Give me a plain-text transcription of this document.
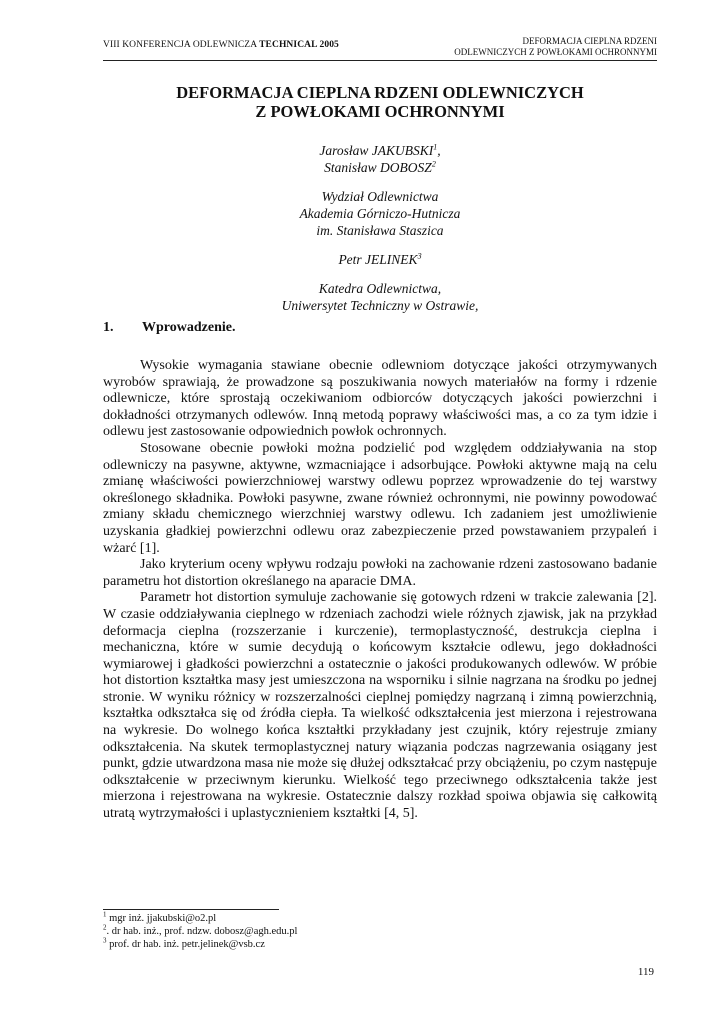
VIII KONFERENCJA ODLEWNICZA TECHNICAL 2005	DEFORMACJA CIEPLNA RDZENI
ODLEWNICZYCH Z POWŁOKAMI OCHRONNYMI
DEFORMACJA CIEPLNA RDZENI ODLEWNICZYCH
Z POWŁOKAMI OCHRONNYMI
Jarosław JAKUBSKI$^1$,
Stanisław DOBOSZ$^2$
Wydział Odlewnictwa
Akademia Górniczo-Hutnicza
im. Stanisława Staszica
Petr JELINEK$^3$
Katedra Odlewnictwa,
Uniwersytet Techniczny w Ostrawie,
1. Wprowadzenie.

Wysokie wymagania stawiane obecnie odlewniom dotyczące jakości otrzymywanych wyrobów sprawiają, że prowadzone są poszukiwania nowych materiałów na formy i rdzenie odlewnicze, które sprostają oczekiwaniom odbiorców dotyczących jakości powierzchni i dokładności otrzymanych odlewów. Inną metodą poprawy właściwości mas, a co za tym idzie i odlewu jest zastosowanie odpowiednich powłok ochronnych.

Stosowane obecnie powłoki można podzielić pod względem oddziaływania na stop odlewniczy na pasywne, aktywne, wzmacniające i adsorbujące. Powłoki aktywne mają na celu zmianę właściwości powierzchniowej warstwy odlewu poprzez wprowadzenie do tej warstwy określonego składnika. Powłoki pasywne, zwane również ochronnymi, nie powinny powodować zmiany składu chemicznego wierzchniej warstwy odlewu. Ich zadaniem jest umożliwienie uzyskania gładkiej powierzchni odlewu oraz zabezpieczenie przed powstawaniem przypaleń i wżarć [1].

Jako kryterium oceny wpływu rodzaju powłoki na zachowanie rdzeni zastosowano badanie parametru hot distortion określanego na aparacie DMA.

Parametr hot distortion symuluje zachowanie się gotowych rdzeni w trakcie zalewania [2]. W czasie oddziaływania cieplnego w rdzeniach zachodzi wiele różnych zjawisk, jak na przykład deformacja cieplna (rozszerzanie i kurczenie), termoplastyczność, destrukcja cieplna i mechaniczna, które w sumie decydują o końcowym kształcie odlewu, jego dokładności wymiarowej i gładkości powierzchni a ostatecznie o jakości produkowanych odlewów. W próbie hot distortion kształtka masy jest umieszczona na wsporniku i silnie nagrzana na środku po jednej stronie. W wyniku różnicy w rozszerzalności cieplnej pomiędzy nagrzaną i zimną powierzchnią, kształtka odkształca się od źródła ciepła. Ta wielkość odkształcenia jest mierzona i rejestrowana na wykresie. Do wolnego końca kształtki przykładany jest czujnik, który rejestruje zmiany odkształcenia. Na skutek termoplastycznej natury wiązania podczas nagrzewania osiągany jest punkt, gdzie utwardzona masa nie może się dłużej odkształcać przy obciążeniu, po czym następuje odkształcenie w przeciwnym kierunku. Wielkość tego przeciwnego odkształcenia także jest mierzona i rejestrowana na wykresie. Ostatecznie dalszy rozkład spoiwa objawia się całkowitą utratą wytrzymałości i uplastycznieniem kształtki [4, 5].

$^1$ mgr inż. jjakubski@o2.pl
$^2$. dr hab. inż., prof. ndzw. dobosz@agh.edu.pl
$^3$ prof. dr hab. inż. petr.jelinek@vsb.cz
119
